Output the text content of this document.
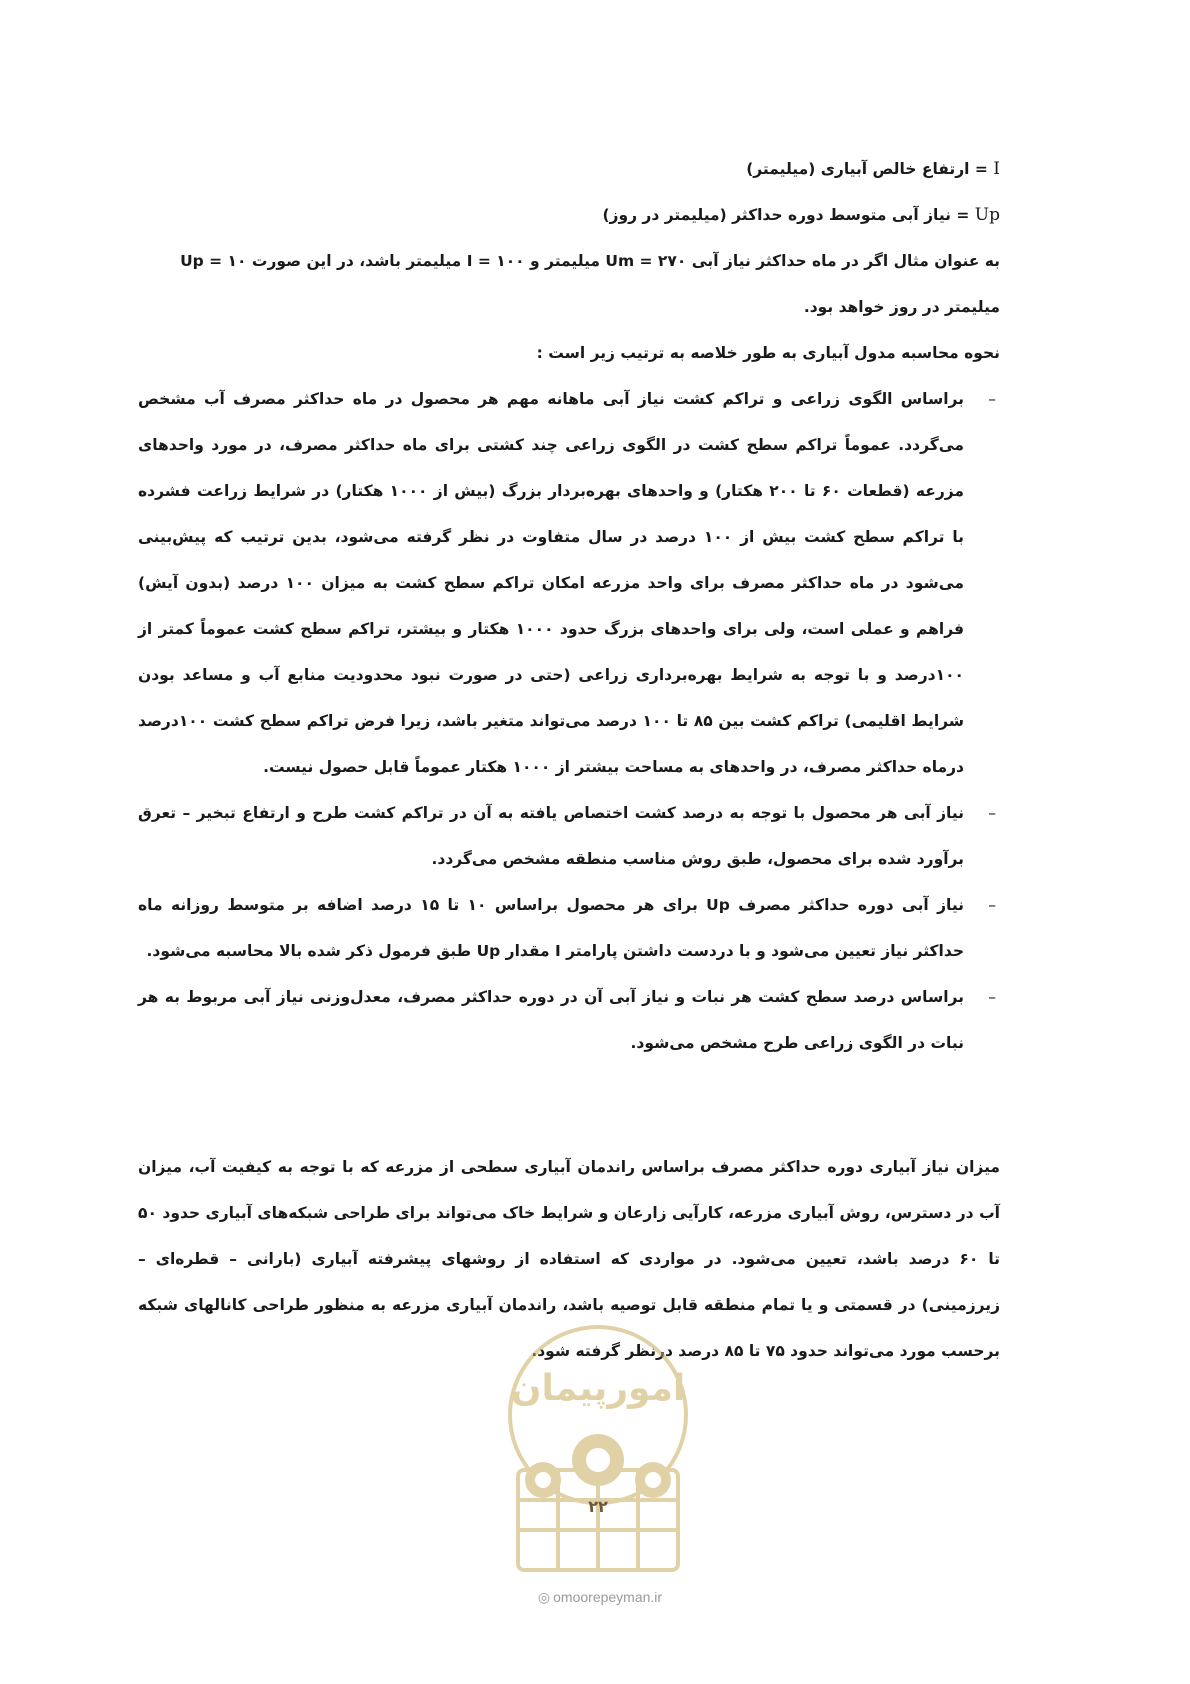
I = ارتفاع خالص آبیاری (میلیمتر)

Up = نیاز آبی متوسط دوره حداکثر (میلیمتر در روز)

به عنوان مثال اگر در ماه حداکثر نیاز آبی Um = ۲۷۰ میلیمتر و I = ۱۰۰ میلیمتر باشد، در این صورت Up = ۱۰
میلیمتر در روز خواهد بود.

نحوه محاسبه مدول آبیاری به طور خلاصه به ترتیب زیر است :

–
براساس الگوی زراعی و تراکم کشت نیاز آبی ماهانه مهم هر محصول در ماه حداکثر مصرف آب مشخص می‌گردد. عموماً تراکم سطح کشت در الگوی زراعی چند کشتی برای ماه حداکثر مصرف، در مورد واحدهای مزرعه (قطعات ۶۰ تا ۲۰۰ هکتار) و واحدهای بهره‌بردار بزرگ (بیش از ۱۰۰۰ هکتار) در شرایط زراعت فشرده با تراکم سطح کشت بیش از ۱۰۰ درصد در سال متفاوت در نظر گرفته می‌شود، بدین ترتیب که پیش‌بینی می‌شود در ماه حداکثر مصرف برای واحد مزرعه امکان تراکم سطح کشت به میزان ۱۰۰ درصد (بدون آیش) فراهم و عملی است، ولی برای واحدهای بزرگ حدود ۱۰۰۰ هکتار و بیشتر، تراکم سطح کشت عموماً کمتر از ۱۰۰درصد و با توجه به شرایط بهره‌برداری زراعی (حتی در صورت نبود محدودیت منابع آب و مساعد بودن شرایط اقلیمی) تراکم کشت بین ۸۵ تا ۱۰۰ درصد می‌تواند متغیر باشد، زیرا فرض تراکم سطح کشت ۱۰۰درصد درماه حداکثر مصرف، در واحدهای به مساحت بیشتر از ۱۰۰۰ هکتار عموماً قابل حصول نیست.
–
نیاز آبی هر محصول با توجه به درصد کشت اختصاص یافته به آن در تراکم کشت طرح و ارتفاع تبخیر – تعرق برآورد شده برای محصول، طبق روش مناسب منطقه مشخص می‌گردد.
–
نیاز آبی دوره حداکثر مصرف Up برای هر محصول براساس ۱۰ تا ۱۵ درصد اضافه بر متوسط روزانه ماه حداکثر نیاز تعیین می‌شود و با دردست داشتن پارامتر I مقدار Up طبق فرمول ذکر شده بالا محاسبه می‌شود.
–
براساس درصد سطح کشت هر نبات و نیاز آبی آن در دوره حداکثر مصرف، معدل‌وزنی نیاز آبی مربوط به هر نبات در الگوی زراعی طرح مشخص می‌شود.

میزان نیاز آبیاری دوره حداکثر مصرف براساس راندمان آبیاری سطحی از مزرعه که با توجه به کیفیت آب، میزان آب در دسترس، روش آبیاری مزرعه، کارآیی زارعان و شرایط خاک می‌تواند برای طراحی شبکه‌های آبیاری حدود ۵۰ تا ۶۰ درصد باشد، تعیین می‌شود. در مواردی که استفاده از روشهای پیشرفته آبیاری (بارانی – قطره‌ای – زیرزمینی) در قسمتی و یا تمام منطقه قابل توصیه باشد، راندمان آبیاری مزرعه به منظور طراحی کانالهای شبکه برحسب مورد می‌تواند حدود ۷۵ تا ۸۵ درصد درنظر گرفته شود.

امورپیمان
۲۲
◎ omoorepeyman.ir
